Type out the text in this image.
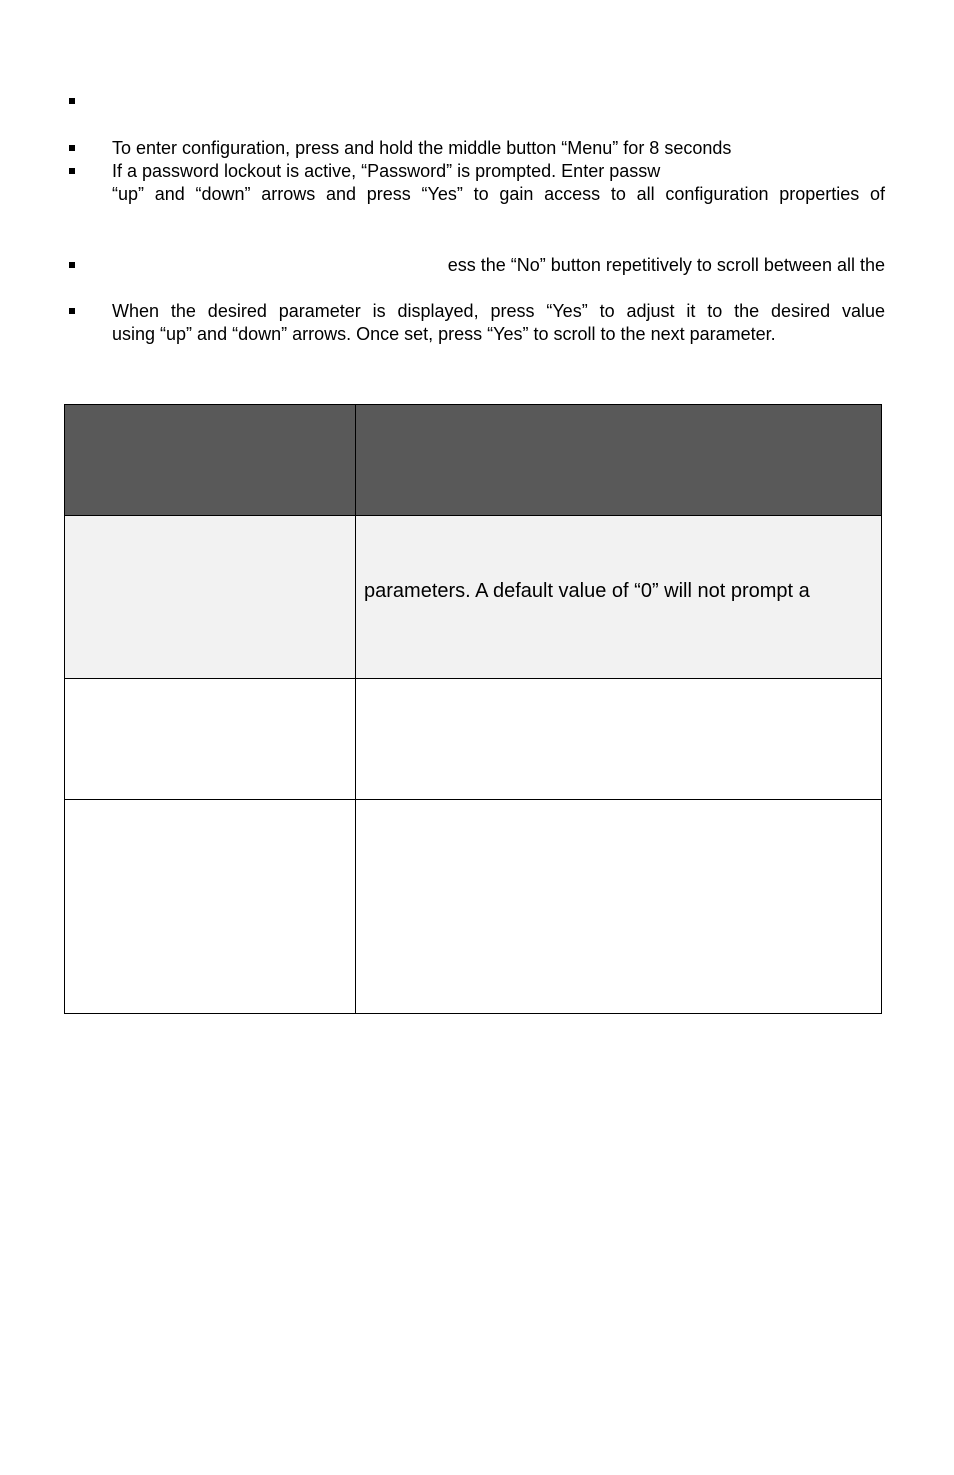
To enter configuration, press and hold the middle button “Menu” for 8 seconds
If a password lockout is active, “Password” is prompted. Enter passw
“up” and “down” arrows and press “Yes” to gain access to all configuration properties of
ess the “No” button repetitively to scroll between all the
When the desired parameter is displayed, press “Yes” to adjust it to the desired value
using “up” and “down” arrows. Once set, press “Yes” to scroll to the next parameter.
parameters. A default value of “0” will not prompt a
